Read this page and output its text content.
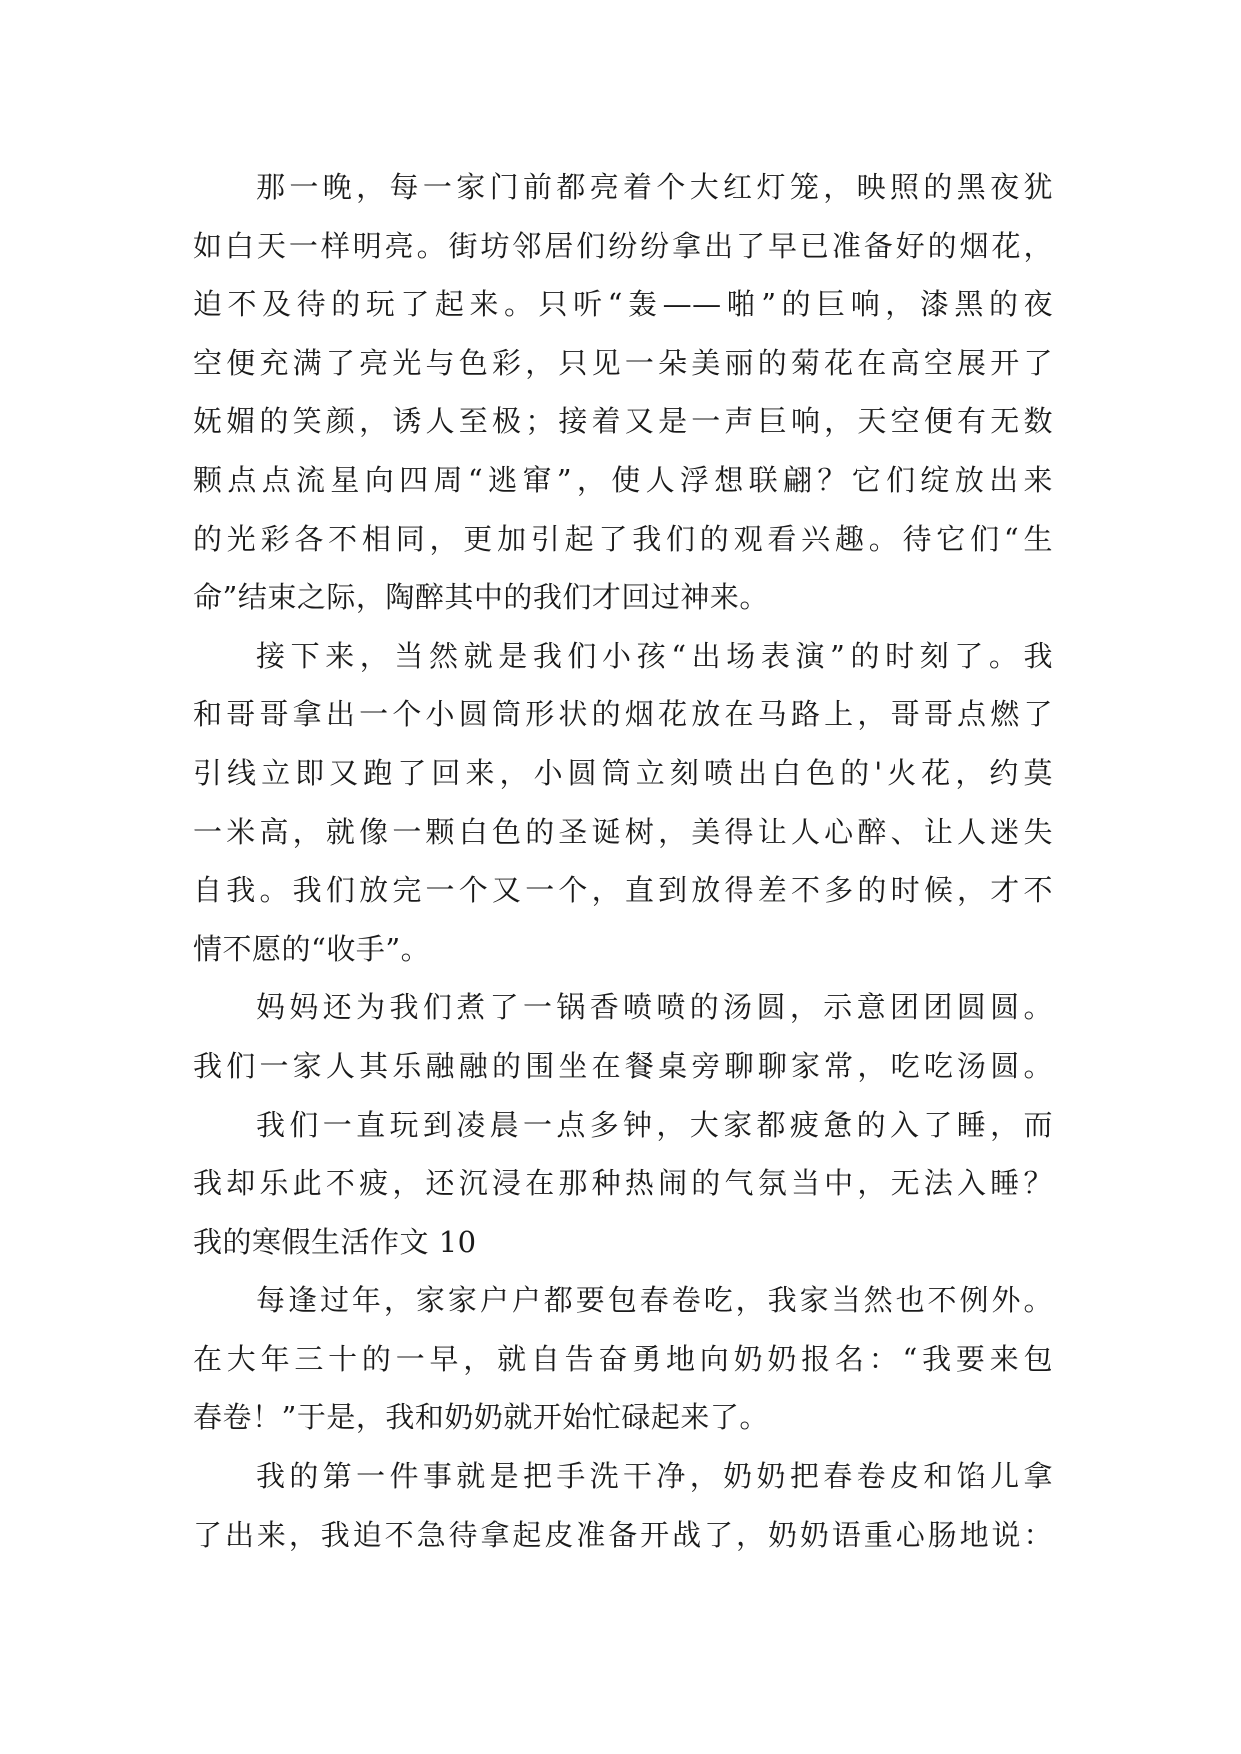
那一晚，每一家门前都亮着个大红灯笼，映照的黑夜犹
如白天一样明亮。街坊邻居们纷纷拿出了早已准备好的烟花，
迫不及待的玩了起来。只听“轰——啪”的巨响，漆黑的夜
空便充满了亮光与色彩，只见一朵美丽的菊花在高空展开了
妩媚的笑颜，诱人至极；接着又是一声巨响，天空便有无数
颗点点流星向四周“逃窜”，使人浮想联翩？它们绽放出来
的光彩各不相同，更加引起了我们的观看兴趣。待它们“生
命”结束之际，陶醉其中的我们才回过神来。
接下来，当然就是我们小孩“出场表演”的时刻了。我
和哥哥拿出一个小圆筒形状的烟花放在马路上，哥哥点燃了
引线立即又跑了回来，小圆筒立刻喷出白色的'火花，约莫
一米高，就像一颗白色的圣诞树，美得让人心醉、让人迷失
自我。我们放完一个又一个，直到放得差不多的时候，才不
情不愿的“收手”。
妈妈还为我们煮了一锅香喷喷的汤圆，示意团团圆圆。
我们一家人其乐融融的围坐在餐桌旁聊聊家常，吃吃汤圆。
我们一直玩到凌晨一点多钟，大家都疲惫的入了睡，而
我却乐此不疲，还沉浸在那种热闹的气氛当中，无法入睡？
我的寒假生活作文 10
每逢过年，家家户户都要包春卷吃，我家当然也不例外。
在大年三十的一早，就自告奋勇地向奶奶报名：“我要来包
春卷！”于是，我和奶奶就开始忙碌起来了。
我的第一件事就是把手洗干净，奶奶把春卷皮和馅儿拿
了出来，我迫不急待拿起皮准备开战了，奶奶语重心肠地说：
